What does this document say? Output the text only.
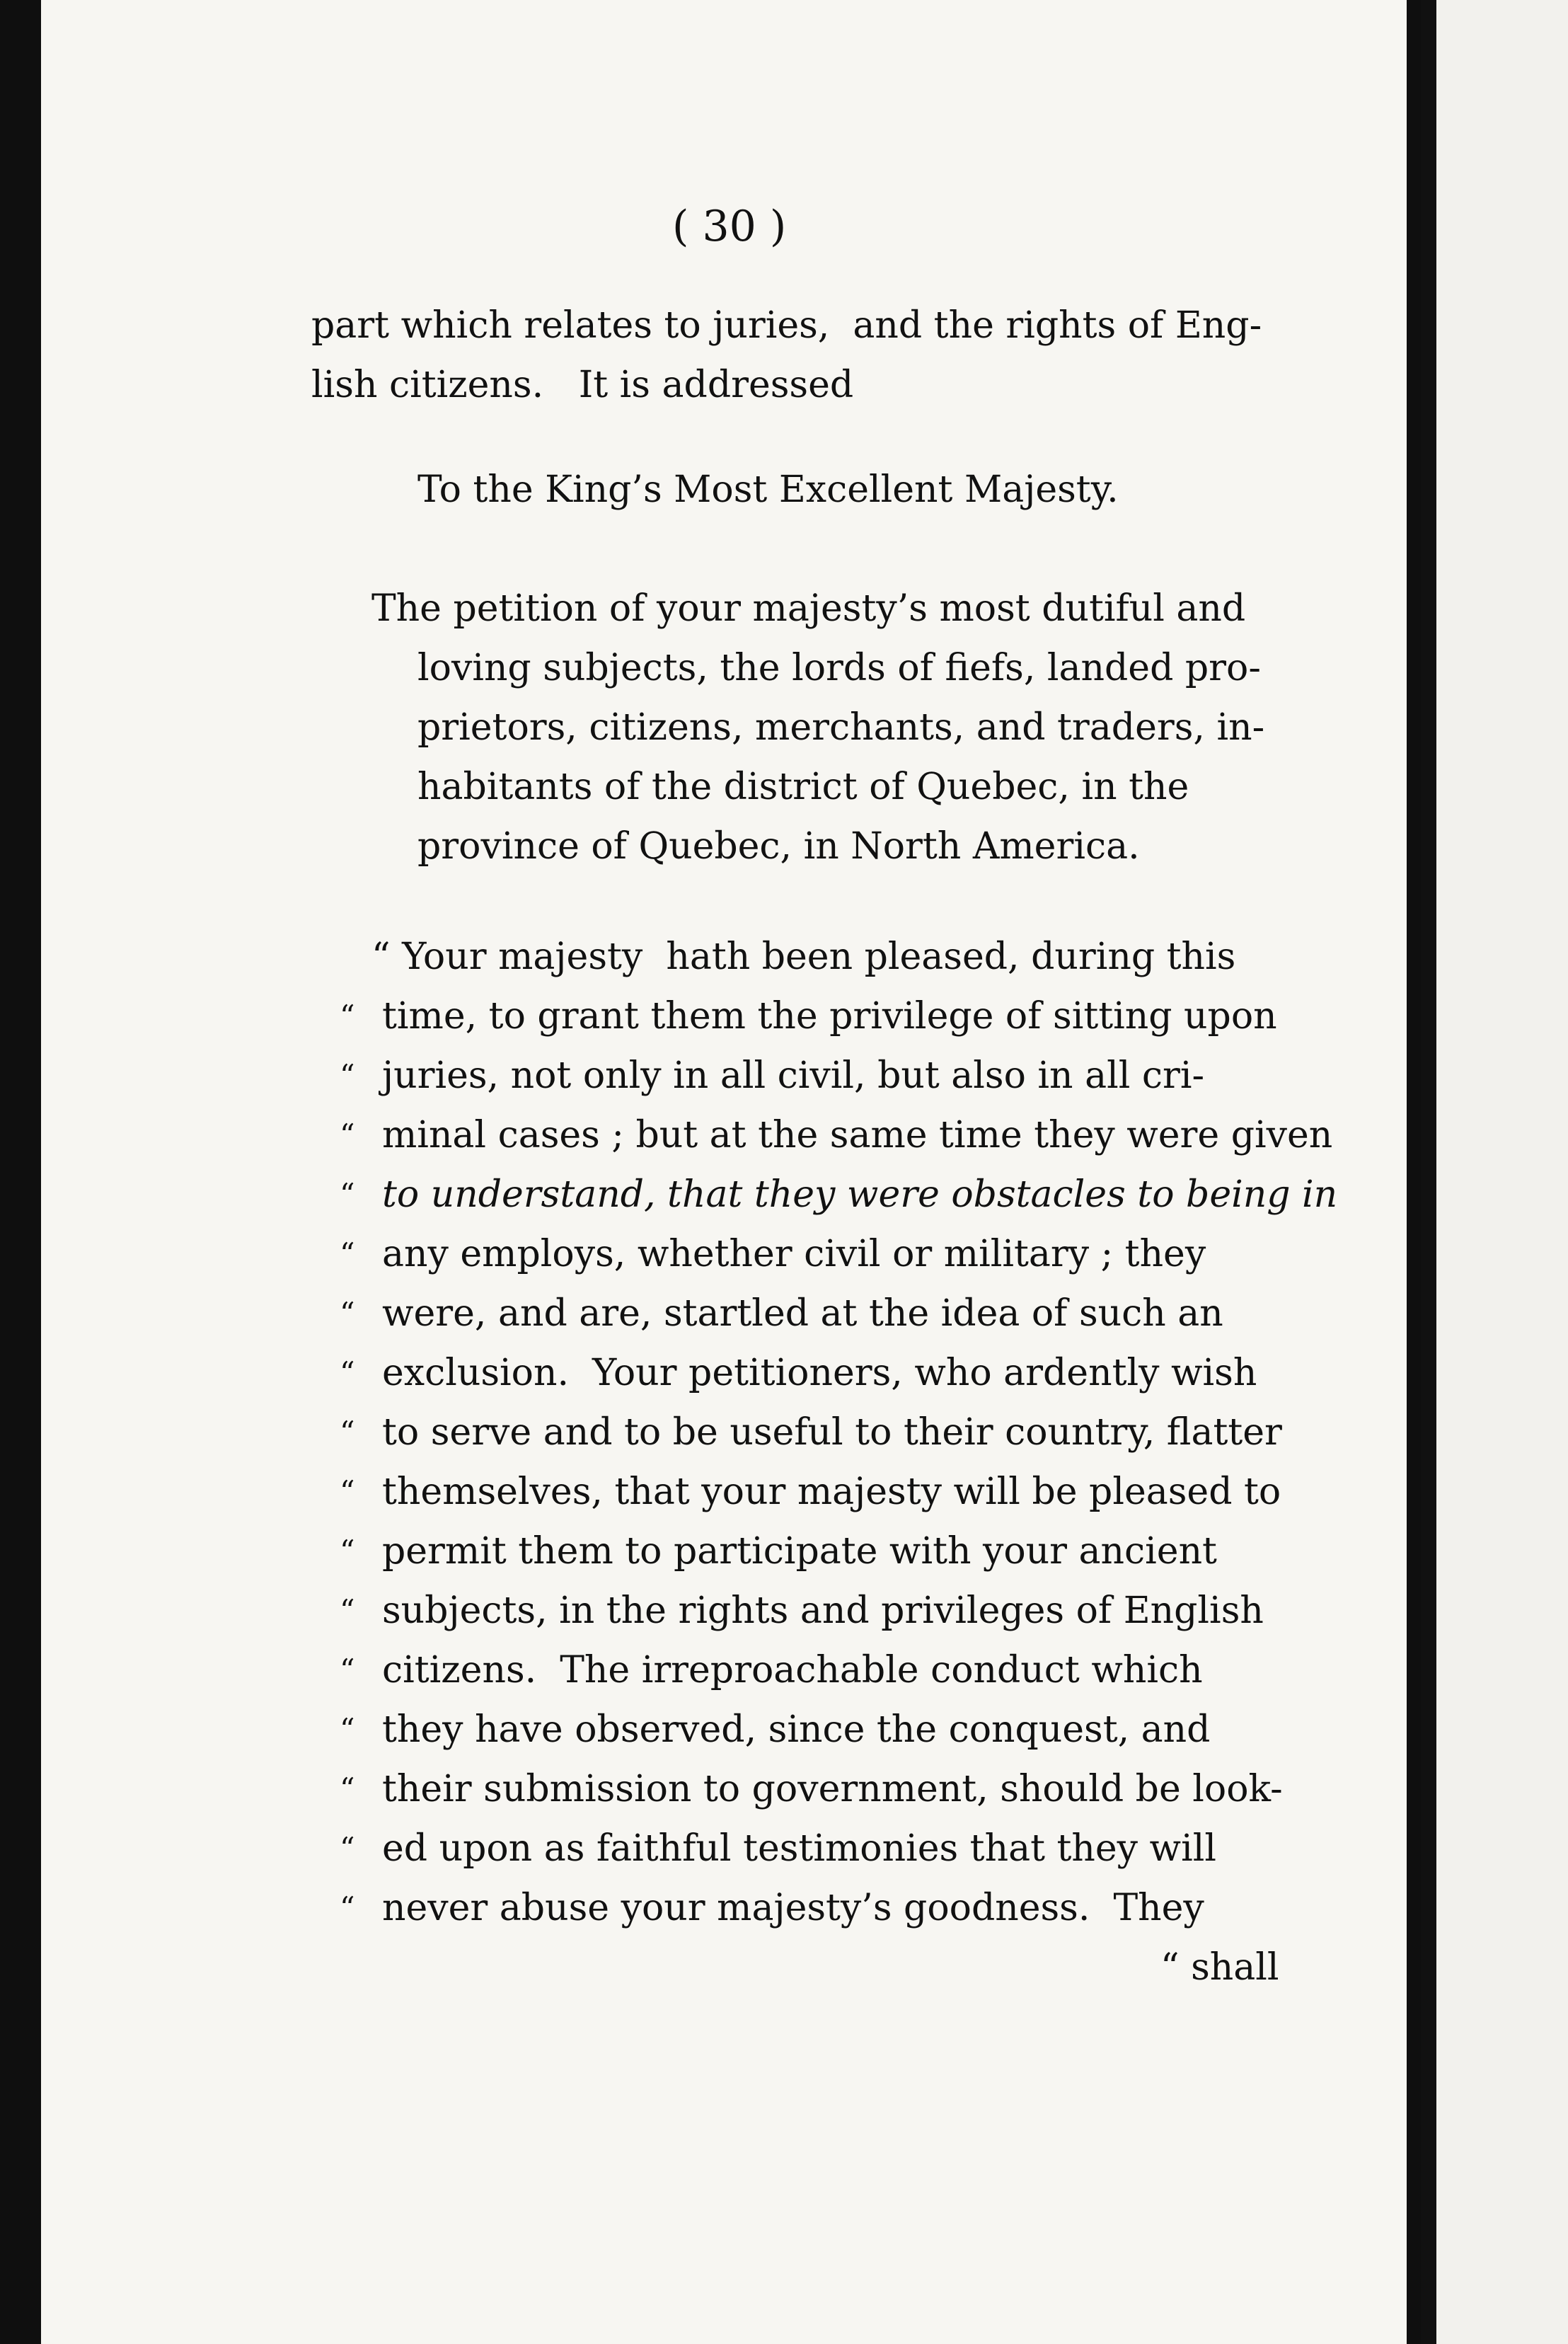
( 30 )
part which relates to juries,  and the rights of Eng-
lish citizens.   It is addressed
To the King’s Most Excellent Majesty.
The petition of your majesty’s most dutiful and
loving subjects, the lords of fiefs, landed pro-
prietors, citizens, merchants, and traders, in-
habitants of the district of Quebec, in the
province of Quebec, in North America.
“ Your majesty  hath been pleased, during this
“ time, to grant them the privilege of sitting upon
“ juries, not only in all civil, but also in all cri-
“ minal cases ; but at the same time they were given
“ to understand, that they were obstacles to being in
“ any employs, whether civil or military ; they
“ were, and are, startled at the idea of such an
“ exclusion.  Your petitioners, who ardently wish
“ to serve and to be useful to their country, flatter
“ themselves, that your majesty will be pleased to
“ permit them to participate with your ancient
“ subjects, in the rights and privileges of English
“ citizens.  The irreproachable conduct which
“ they have observed, since the conquest, and
“ their submission to government, should be look-
“ ed upon as faithful testimonies that they will
“ never abuse your majesty’s goodness.  They
“ shall
